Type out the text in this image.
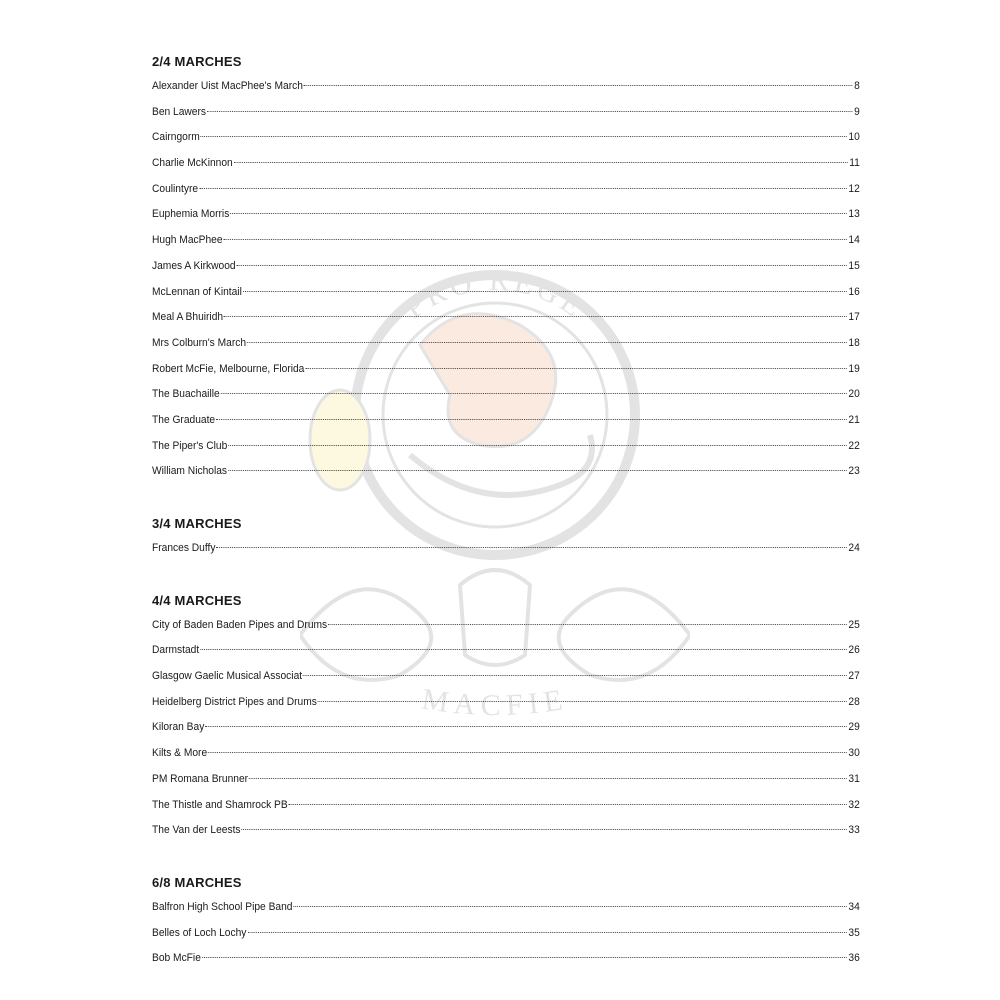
PRO REGE
MACFIE
2/4 MARCHES
Alexander Uist MacPhee's March	8
Ben Lawers	9
Cairngorm	10
Charlie McKinnon	11
Coulintyre	12
Euphemia Morris	13
Hugh MacPhee	14
James A Kirkwood	15
McLennan of Kintail	16
Meal A Bhuiridh	17
Mrs Colburn's March	18
Robert McFie, Melbourne, Florida	19
The Buachaille	20
The Graduate	21
The Piper's Club	22
William Nicholas	23
3/4 MARCHES
Frances Duffy	24
4/4 MARCHES
City of Baden Baden Pipes and Drums	25
Darmstadt	26
Glasgow Gaelic Musical Associat	27
Heidelberg District Pipes and Drums	28
Kiloran Bay	29
Kilts & More	30
PM Romana Brunner	31
The Thistle and Shamrock PB	32
The Van der Leests	33
6/8 MARCHES
Balfron High School Pipe Band	34
Belles of Loch Lochy	35
Bob McFie	36
